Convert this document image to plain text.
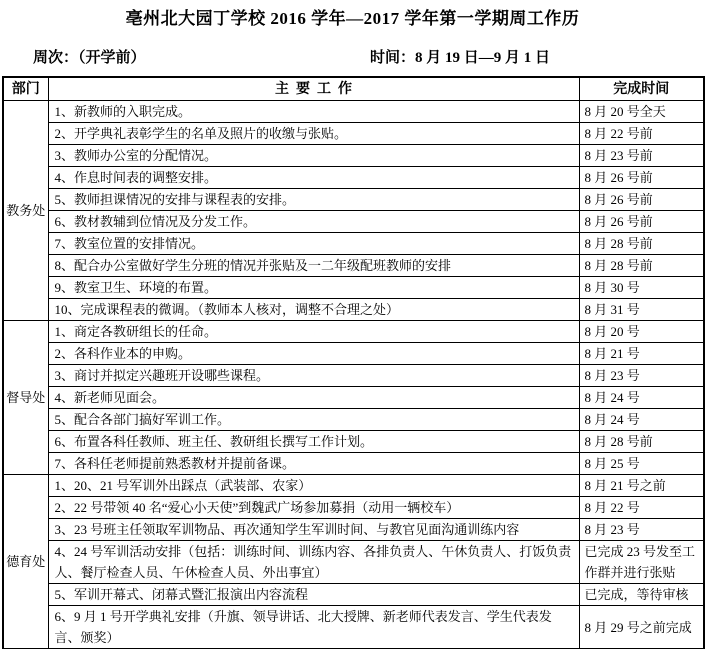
亳州北大园丁学校 2016 学年—2017 学年第一学期周工作历
周次：（开学前）	时间：8 月 19 日—9 月 1 日
部门	主  要  工  作	完成时间
教务处	1、新教师的入职完成。	8 月 20 号全天
	2、开学典礼表彰学生的名单及照片的收缴与张贴。	8 月 22 号前
	3、教师办公室的分配情况。	8 月 23 号前
	4、作息时间表的调整安排。	8 月 26 号前
	5、教师担课情况的安排与课程表的安排。	8 月 26 号前
	6、教材教辅到位情况及分发工作。	8 月 26 号前
	7、教室位置的安排情况。	8 月 28 号前
	8、配合办公室做好学生分班的情况并张贴及一二年级配班教师的安排	8 月 28 号前
	9、教室卫生、环境的布置。	8 月 30 号
	10、完成课程表的微调。（教师本人核对，调整不合理之处）	8 月 31 号
督导处	1、商定各教研组长的任命。	8 月 20 号
	2、各科作业本的申购。	8 月 21 号
	3、商讨并拟定兴趣班开设哪些课程。	8 月 23 号
	4、新老师见面会。	8 月 24 号
	5、配合各部门搞好军训工作。	8 月 24 号
	6、布置各科任教师、班主任、教研组长撰写工作计划。	8 月 28 号前
	7、各科任老师提前熟悉教材并提前备课。	8 月 25 号
德育处	1、20、21 号军训外出踩点（武装部、农家）	8 月 21 号之前
	2、22 号带领 40 名“爱心小天使”到魏武广场参加募捐（动用一辆校车）	8 月 22 号
	3、23 号班主任领取军训物品、再次通知学生军训时间、与教官见面沟通训练内容	8 月 23 号
	4、24 号军训活动安排（包括：训练时间、训练内容、各排负责人、午休负责人、打饭负责人、餐厅检查人员、午休检查人员、外出事宜）	已完成 23 号发至工作群并进行张贴
	5、军训开幕式、闭幕式暨汇报演出内容流程	已完成，等待审核
	6、9 月 1 号开学典礼安排（升旗、领导讲话、北大授牌、新老师代表发言、学生代表发言、颁奖）	8 月 29 号之前完成
